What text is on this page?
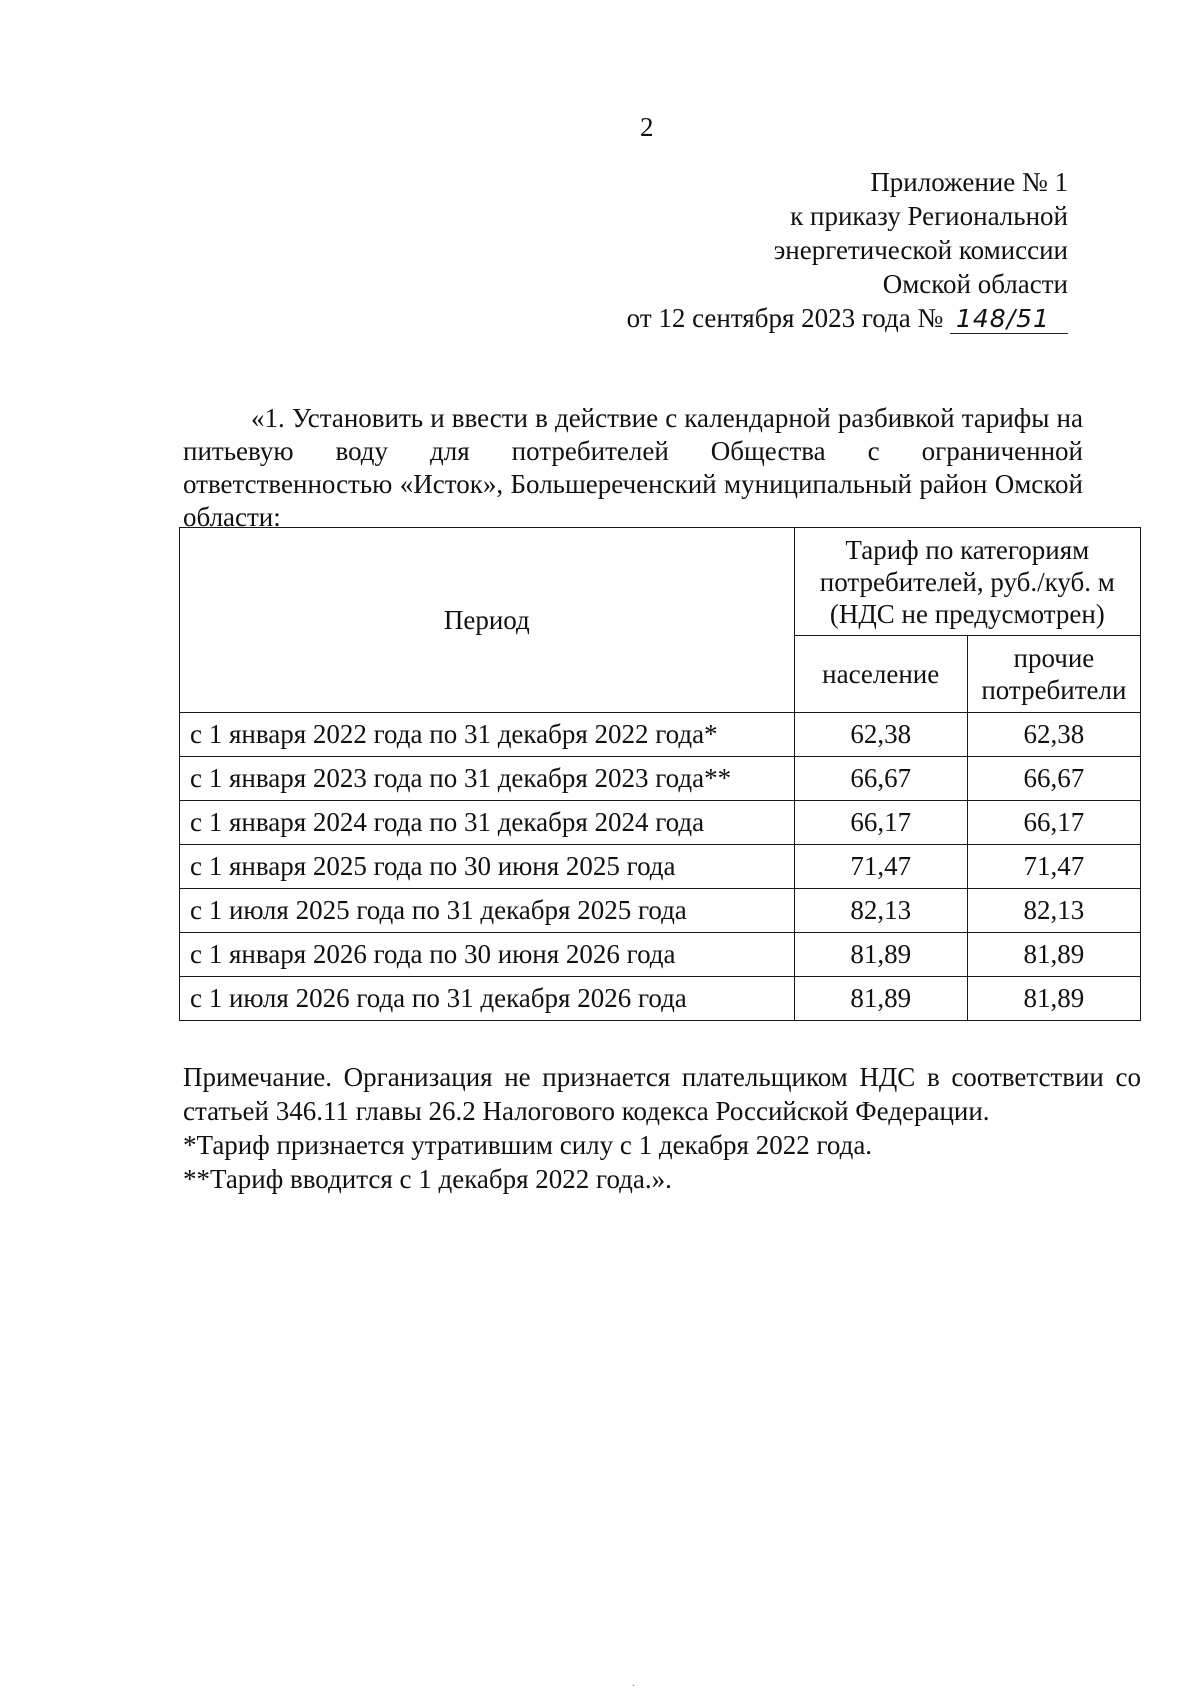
2
Приложение № 1
к приказу Региональной
энергетической комиссии
Омской области
от 12 сентября 2023 года № 148/51
«1. Установить и ввести в действие с календарной разбивкой тарифы на питьевую воду для потребителей Общества с ограниченной ответственностью «Исток», Большереченский муниципальный район Омской области:
Период	Тариф по категориям потребителей, руб./куб. м (НДС не предусмотрен)	
	население	прочие потребители
с 1 января 2022 года по 31 декабря 2022 года*	62,38	62,38
с 1 января 2023 года по 31 декабря 2023 года**	66,67	66,67
с 1 января 2024 года по 31 декабря 2024 года	66,17	66,17
с 1 января 2025 года по 30 июня 2025 года	71,47	71,47
с 1 июля 2025 года по 31 декабря 2025 года	82,13	82,13
с 1 января 2026 года по 30 июня 2026 года	81,89	81,89
с 1 июля 2026 года по 31 декабря 2026 года	81,89	81,89
Примечание. Организация не признается плательщиком НДС в соответствии со статьей 346.11 главы 26.2 Налогового кодекса Российской Федерации.
*Тариф признается утратившим силу с 1 декабря 2022 года.
**Тариф вводится с 1 декабря 2022 года.».
.
